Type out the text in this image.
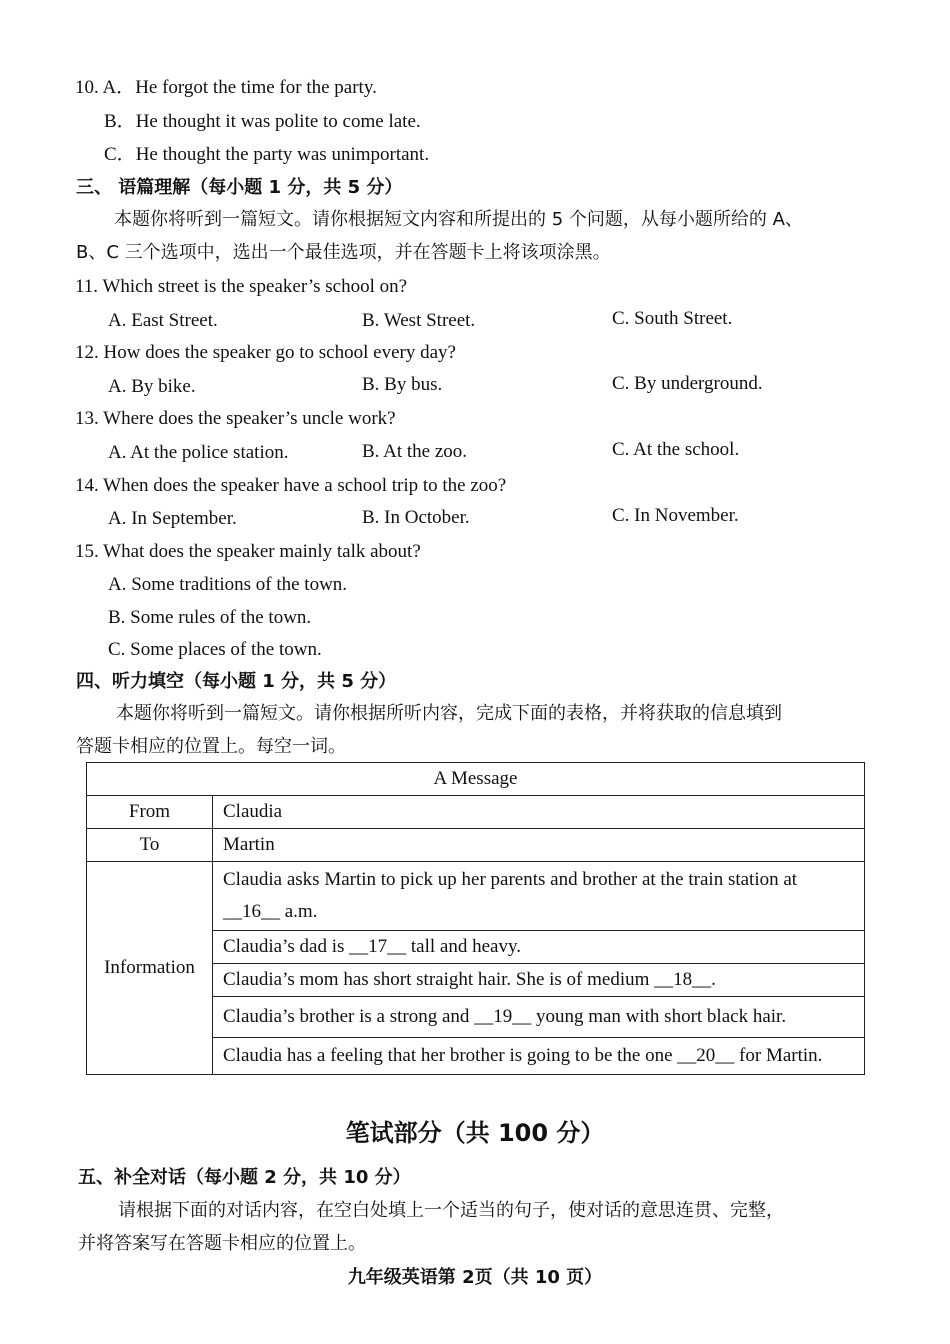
10. A．He forgot the time for the party.
B．He thought it was polite to come late.
C．He thought the party was unimportant.
三、 语篇理解（每小题 1 分，共 5 分）
本题你将听到一篇短文。请你根据短文内容和所提出的 5 个问题，从每小题所给的 A、
B、C 三个选项中，选出一个最佳选项，并在答题卡上将该项涂黑。
11. Which street is the speaker’s school on?
A. East Street.	B. West Street.	C. South Street.
12. How does the speaker go to school every day?
A. By bike.	B. By bus.	C. By underground.
13. Where does the speaker’s uncle work?
A. At the police station.	B. At the zoo.	C. At the school.
14. When does the speaker have a school trip to the zoo?
A. In September.	B. In October.	C. In November.
15. What does the speaker mainly talk about?
A. Some traditions of the town.
B. Some rules of the town.
C. Some places of the town.
四、听力填空（每小题 1 分，共 5 分）
本题你将听到一篇短文。请你根据所听内容，完成下面的表格，并将获取的信息填到
答题卡相应的位置上。每空一词。
A Message	
From	Claudia
To	Martin
Information	Claudia asks Martin to pick up her parents and brother at the train station at
__16__ a.m.
	Claudia’s dad is __17__ tall and heavy.
	Claudia’s mom has short straight hair. She is of medium __18__.
	Claudia’s brother is a strong and __19__ young man with short black hair.
	Claudia has a feeling that her brother is going to be the one __20__ for Martin.
笔试部分（共 100 分）
五、补全对话（每小题 2 分，共 10 分）
请根据下面的对话内容，在空白处填上一个适当的句子，使对话的意思连贯、完整，
并将答案写在答题卡相应的位置上。
九年级英语第 2页（共 10 页）
